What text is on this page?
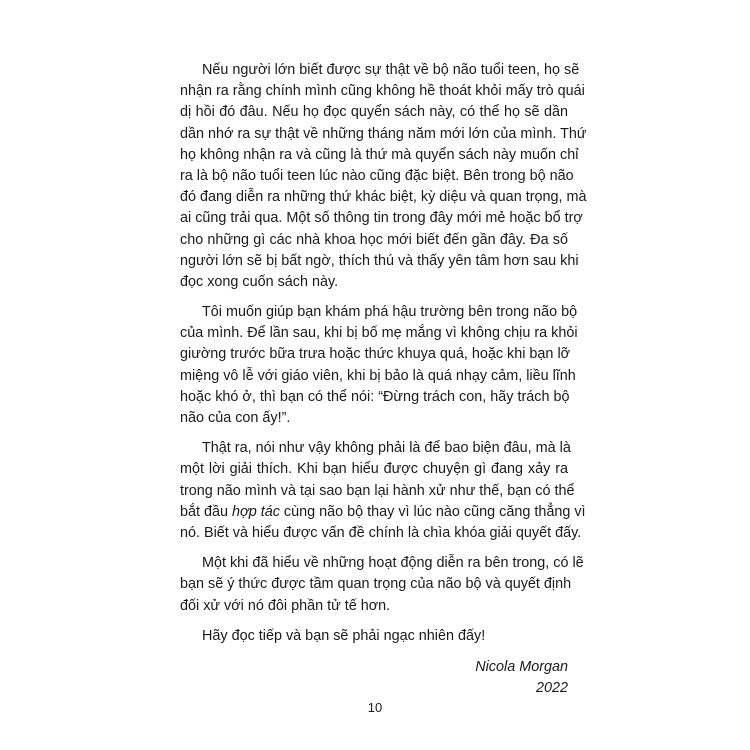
Nếu người lớn biết được sự thật về bộ não tuổi teen, họ sẽ
nhận ra rằng chính mình cũng không hề thoát khỏi mấy trò quái
dị hồi đó đâu. Nếu họ đọc quyển sách này, có thể họ sẽ dần
dần nhớ ra sự thật về những tháng năm mới lớn của mình. Thứ
họ không nhận ra và cũng là thứ mà quyển sách này muốn chỉ
ra là bộ não tuổi teen lúc nào cũng đặc biệt. Bên trong bộ não
đó đang diễn ra những thứ khác biệt, kỳ diệu và quan trọng, mà
ai cũng trải qua. Một số thông tin trong đây mới mẻ hoặc bổ trợ
cho những gì các nhà khoa học mới biết đến gần đây. Đa số
người lớn sẽ bị bất ngờ, thích thú và thấy yên tâm hơn sau khi
đọc xong cuốn sách này.
Tôi muốn giúp bạn khám phá hậu trường bên trong não bộ
của mình. Để lần sau, khi bị bố mẹ mắng vì không chịu ra khỏi
giường trước bữa trưa hoặc thức khuya quá, hoặc khi bạn lỡ
miệng vô lễ với giáo viên, khi bị bảo là quá nhạy cảm, liều lĩnh
hoặc khó ở, thì bạn có thể nói: “Đừng trách con, hãy trách bộ
não của con ấy!”.
Thật ra, nói như vậy không phải là để bao biện đâu, mà là
một lời giải thích. Khi bạn hiểu được chuyện gì đang xảy ra
trong não mình và tại sao bạn lại hành xử như thế, bạn có thể
bắt đầu hợp tác cùng não bộ thay vì lúc nào cũng căng thẳng vì
nó. Biết và hiểu được vấn đề chính là chìa khóa giải quyết đấy.
Một khi đã hiểu về những hoạt động diễn ra bên trong, có lẽ
bạn sẽ ý thức được tầm quan trọng của não bộ và quyết định
đối xử với nó đôi phần tử tế hơn.
Hãy đọc tiếp và bạn sẽ phải ngạc nhiên đấy!
Nicola Morgan
2022
10
